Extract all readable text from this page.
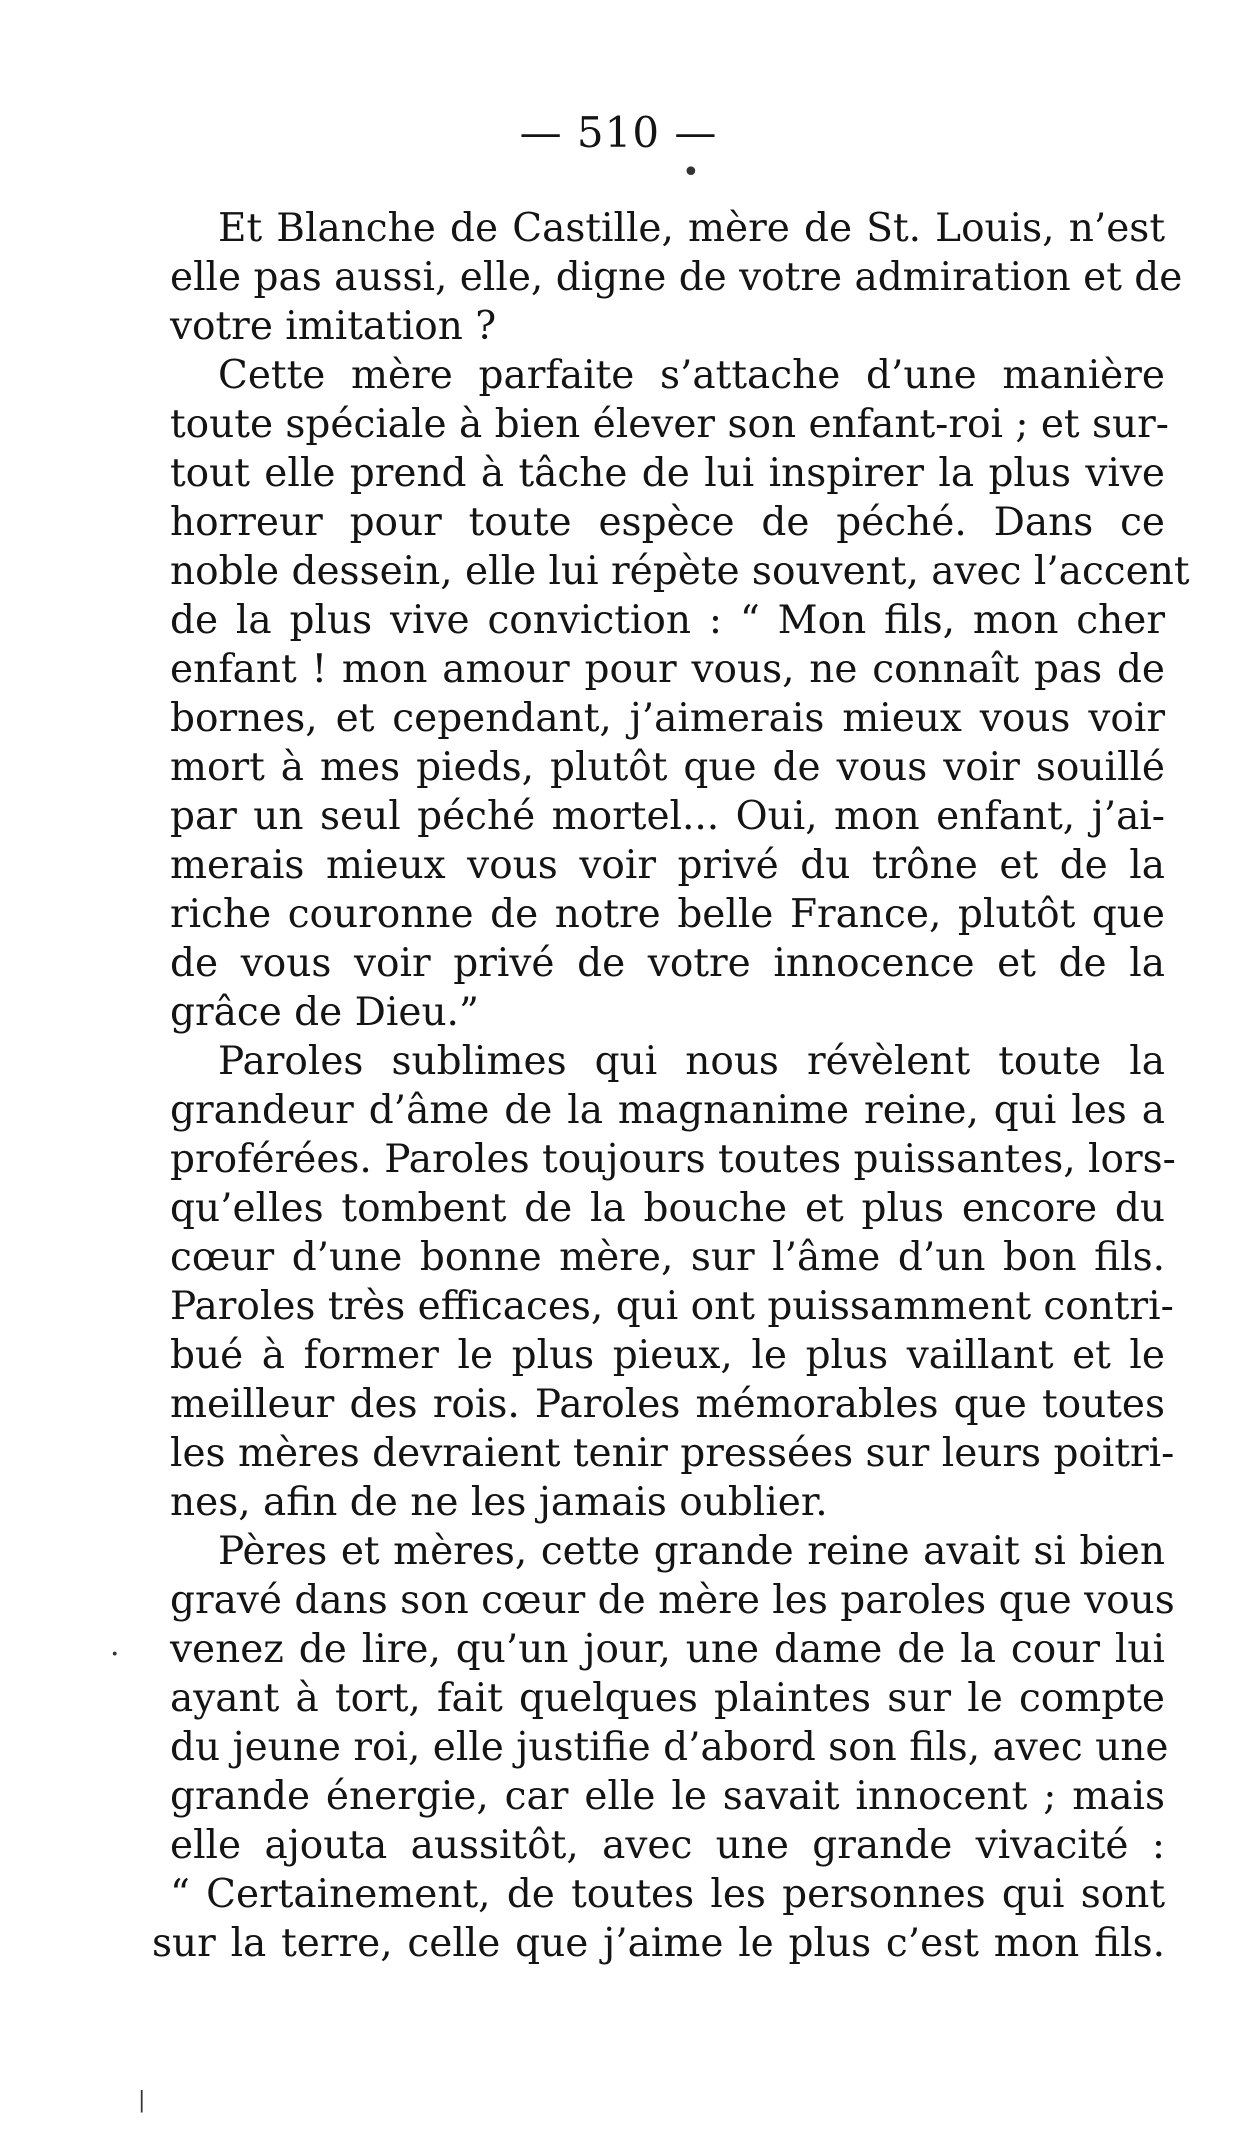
— 510 —
•
Et Blanche de Castille, mère de St. Louis, n’est
elle pas aussi, elle, digne de votre admiration et de
votre imitation ?
Cette mère parfaite s’attache d’une manière
toute spéciale à bien élever son enfant-roi ; et sur-
tout elle prend à tâche de lui inspirer la plus vive
horreur pour toute espèce de péché. Dans ce
noble dessein, elle lui répète souvent, avec l’accent
de la plus vive conviction : “ Mon fils, mon cher
enfant ! mon amour pour vous, ne connaît pas de
bornes, et cependant, j’aimerais mieux vous voir
mort à mes pieds, plutôt que de vous voir souillé
par un seul péché mortel... Oui, mon enfant, j’ai-
merais mieux vous voir privé du trône et de la
riche couronne de notre belle France, plutôt que
de vous voir privé de votre innocence et de la
grâce de Dieu.”
Paroles sublimes qui nous révèlent toute la
grandeur d’âme de la magnanime reine, qui les a
proférées. Paroles toujours toutes puissantes, lors-
qu’elles tombent de la bouche et plus encore du
cœur d’une bonne mère, sur l’âme d’un bon fils.
Paroles très efficaces, qui ont puissamment contri-
bué à former le plus pieux, le plus vaillant et le
meilleur des rois. Paroles mémorables que toutes
les mères devraient tenir pressées sur leurs poitri-
nes, afin de ne les jamais oublier.
Pères et mères, cette grande reine avait si bien
gravé dans son cœur de mère les paroles que vous
venez de lire, qu’un jour, une dame de la cour lui
ayant à tort, fait quelques plaintes sur le compte
du jeune roi, elle justifie d’abord son fils, avec une
grande énergie, car elle le savait innocent ; mais
elle ajouta aussitôt, avec une grande vivacité :
“ Certainement, de toutes les personnes qui sont
sur la terre, celle que j’aime le plus c’est mon fils.
·
|
